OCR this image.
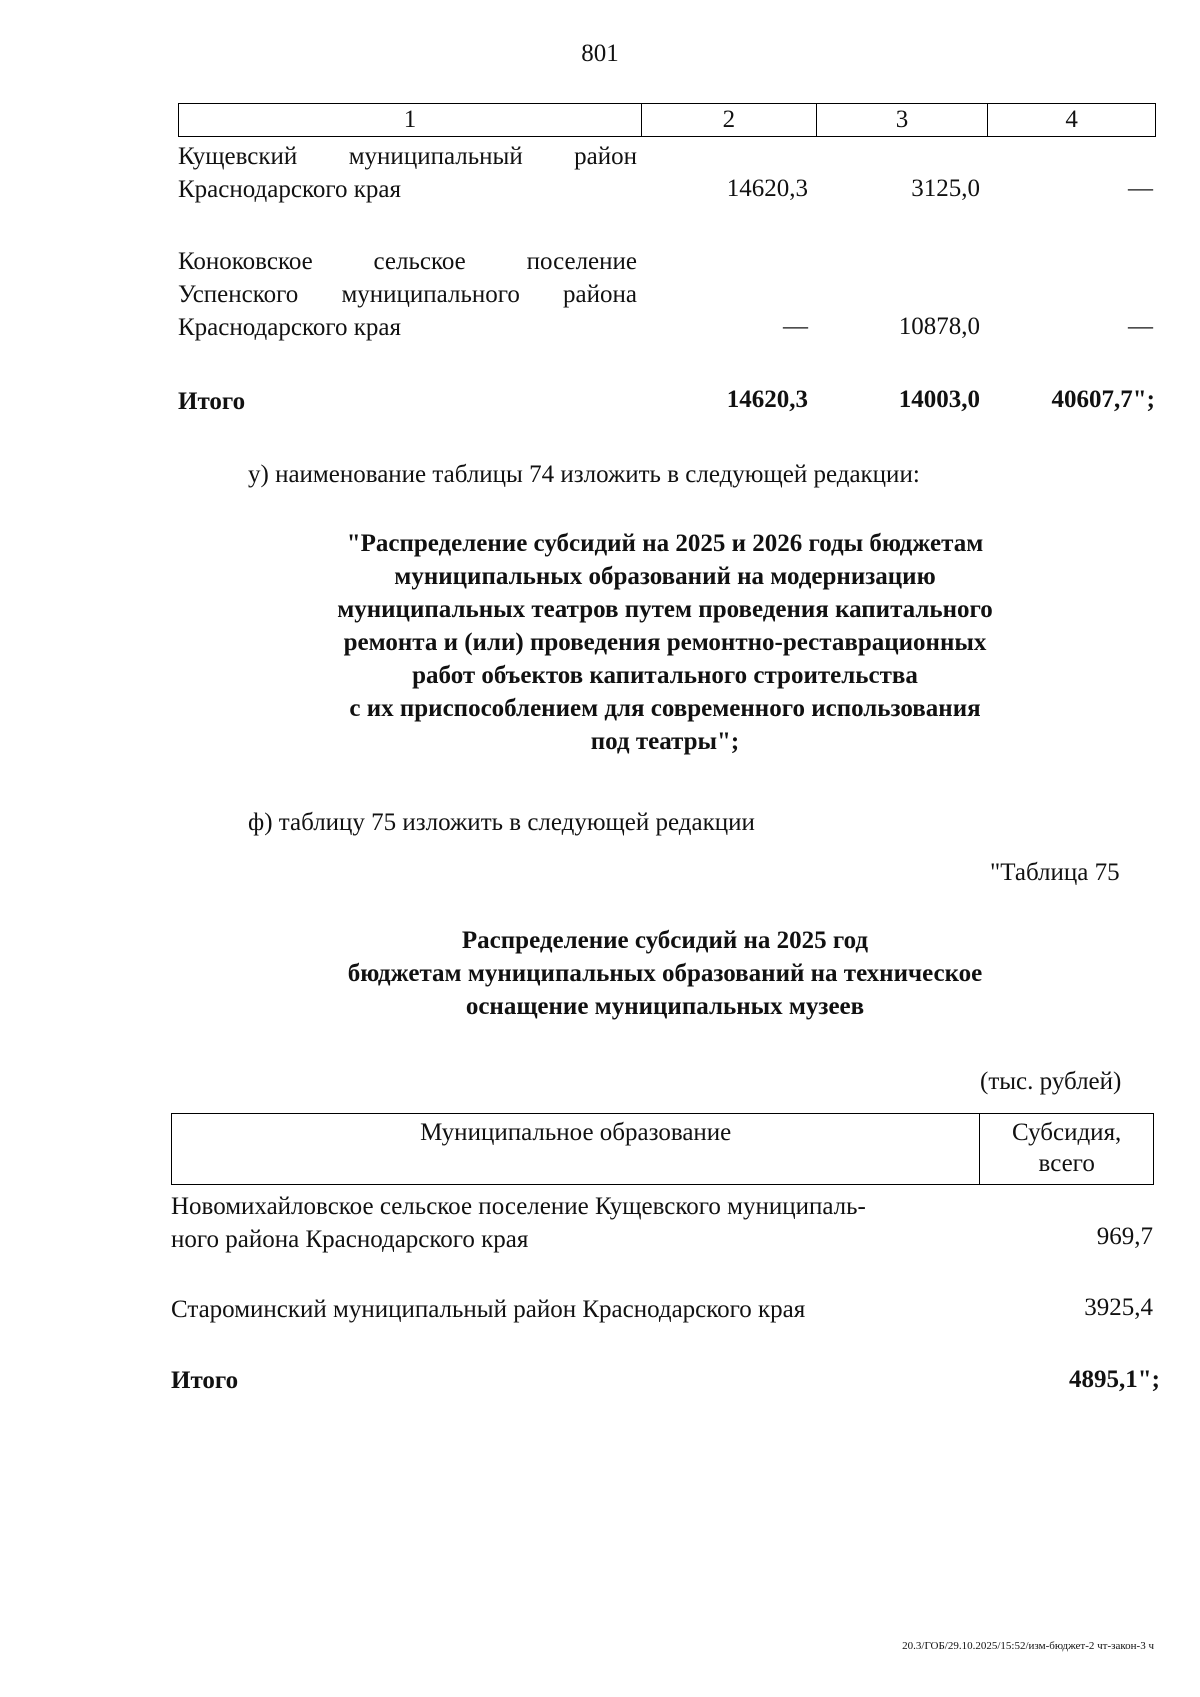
801
1	2	3	4
Кущевский муниципальный район
Краснодарского края	14620,3	3125,0	—
Коноковское сельское поселение
Успенского муниципального района
Краснодарского края	—	10878,0	—
Итого	14620,3	14003,0	40607,7";
у) наименование таблицы 74 изложить в следующей редакции:
"Распределение субсидий на 2025 и 2026 годы бюджетам
муниципальных образований на модернизацию
муниципальных театров путем проведения капитального
ремонта и (или) проведения ремонтно-реставрационных
работ объектов капитального строительства
с их приспособлением для современного использования
под театры";
ф) таблицу 75 изложить в следующей редакции
"Таблица 75
Распределение субсидий на 2025 год
бюджетам муниципальных образований на техническое
оснащение муниципальных музеев
(тыс. рублей)
Муниципальное образование	Субсидия,
всего
Новомихайловское сельское поселение Кущевского муниципаль-
ного района Краснодарского края	969,7
Староминский муниципальный район Краснодарского края	3925,4
Итого	4895,1";
20.3/ГОБ/29.10.2025/15:52/изм-бюджет-2 чт-закон-3 ч
